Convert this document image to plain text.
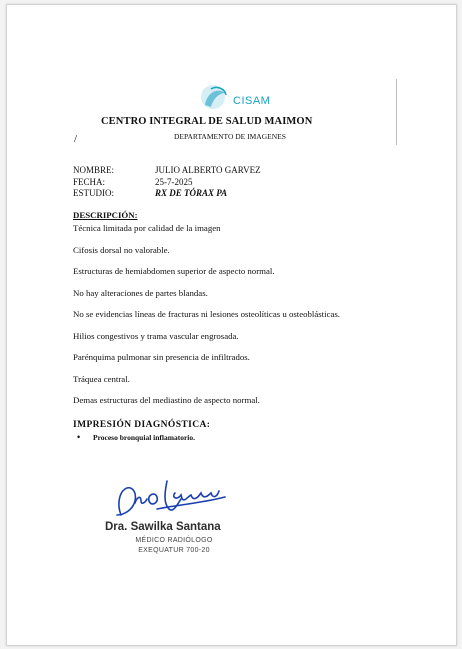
CISAM
CENTRO INTEGRAL DE SALUD MAIMON
DEPARTAMENTO DE IMAGENES
/
NOMBRE:	JULIO ALBERTO GARVEZ
FECHA:	25-7-2025
ESTUDIO:	RX DE TÓRAX PA
DESCRIPCIÓN:
Técnica limitada por calidad de la imagen
Cifosis dorsal no valorable.
Estructuras de hemiabdomen superior de aspecto normal.
No hay alteraciones de partes blandas.
No se evidencias líneas de fracturas ni lesiones osteolíticas u osteoblásticas.
Hilios congestivos y trama vascular engrosada.
Parénquima pulmonar sin presencia de infiltrados.
Tráquea central.
Demas estructuras del mediastino de aspecto normal.
IMPRESIÓN DIAGNÓSTICA:
• Proceso bronquial inflamatorio.
Dra. Sawilka Santana
MÉDICO RADIÓLOGO
EXEQUATUR 700-20
